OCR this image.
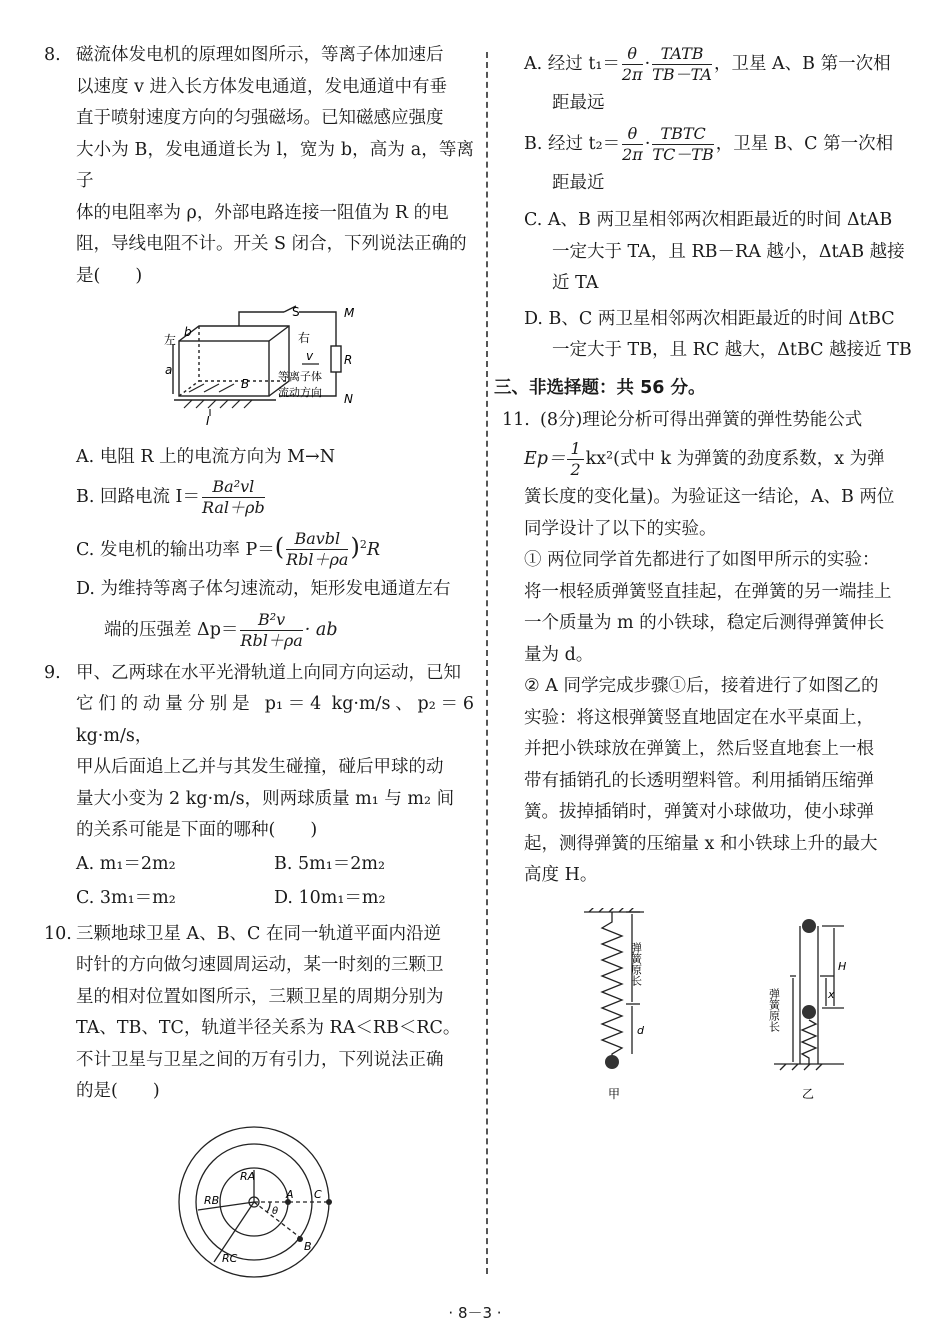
8. 磁流体发电机的原理如图所示，等离子体加速后

以速度 v 进入长方体发电通道，发电通道中有垂

直于喷射速度方向的匀强磁场。已知磁感应强度

大小为 B，发电通道长为 l，宽为 b，高为 a，等离子

体的电阻率为 ρ，外部电路连接一阻值为 R 的电

阻，导线电阻不计。开关 S 闭合，下列说法正确的

是(　　)

S	M
N
R
左	右
b
a
B
I
v
等离子体
流动方向
A. 电阻 R 上的电流方向为 M→N
B. 回路电流 $I= \frac{\text{Ba²vl}}{\text{Ral＋ρb}}$
C. 发电机的输出功率 $P=( \frac{\text{Bavbl}}{\text{Rbl＋ρa}} )^2R$
D. 为维持等离子体匀速流动，矩形发电通道左右
端的压强差 $\Delta p= \frac{\text{B²v}}{\text{Rbl＋ρa}}$ · ab
9. 甲、乙两球在水平光滑轨道上向同方向运动，已知

它们的动量分别是 p₁＝4 kg·m/s、p₂＝6 kg·m/s，

甲从后面追上乙并与其发生碰撞，碰后甲球的动

量大小变为 2 kg·m/s，则两球质量 m₁ 与 m₂ 间

的关系可能是下面的哪种(　　)

A. m₁＝2m₂	B. 5m₁＝2m₂
C. 3m₁＝m₂	D. 10m₁＝m₂
10. 三颗地球卫星 A、B、C 在同一轨道平面内沿逆

时针的方向做匀速圆周运动，某一时刻的三颗卫

星的相对位置如图所示，三颗卫星的周期分别为

TA、TB、TC，轨道半径关系为 RA＜RB＜RC。

不计卫星与卫星之间的万有引力，下列说法正确

的是(　　)

RA
RB
RC
A C
B
θ
A. 经过 $t_1= \frac{\theta}{2\pi} \cdot \frac{\text{TATB}}{TB-TA}$ ，卫星 A、B 第一次相
距最远
B. 经过 $t_2= \frac{\theta}{2\pi} \cdot \frac{\text{TBTC}}{TC-TB}$ ，卫星 B、C 第一次相
距最近
C. A、B 两卫星相邻两次相距最近的时间 ΔtAB
一定大于 TA，且 RB－RA 越小，ΔtAB 越接
近 TA
D. B、C 两卫星相邻两次相距最近的时间 ΔtBC
一定大于 TB，且 RC 越大，ΔtBC 越接近 TB
三、非选择题：共 56 分。
11. (8分)理论分析可得出弹簧的弹性势能公式

$Ep= \frac{1}{2} kx^2$(式中 k 为弹簧的劲度系数，x 为弹

簧长度的变化量)。为验证这一结论，A、B 两位

同学设计了以下的实验。

① 两位同学首先都进行了如图甲所示的实验：

将一根轻质弹簧竖直挂起，在弹簧的另一端挂上

一个质量为 m 的小铁球，稳定后测得弹簧伸长

量为 d。

② A 同学完成步骤①后，接着进行了如图乙的

实验：将这根弹簧竖直地固定在水平桌面上，

并把小铁球放在弹簧上，然后竖直地套上一根

带有插销孔的长透明塑料管。利用插销压缩弹

簧。拔掉插销时，弹簧对小球做功，使小球弹

起，测得弹簧的压缩量 x 和小铁球上升的最大

高度 H。

弹簧原长
d
甲
弹簧原长
H
x
乙
· 8－3 ·
